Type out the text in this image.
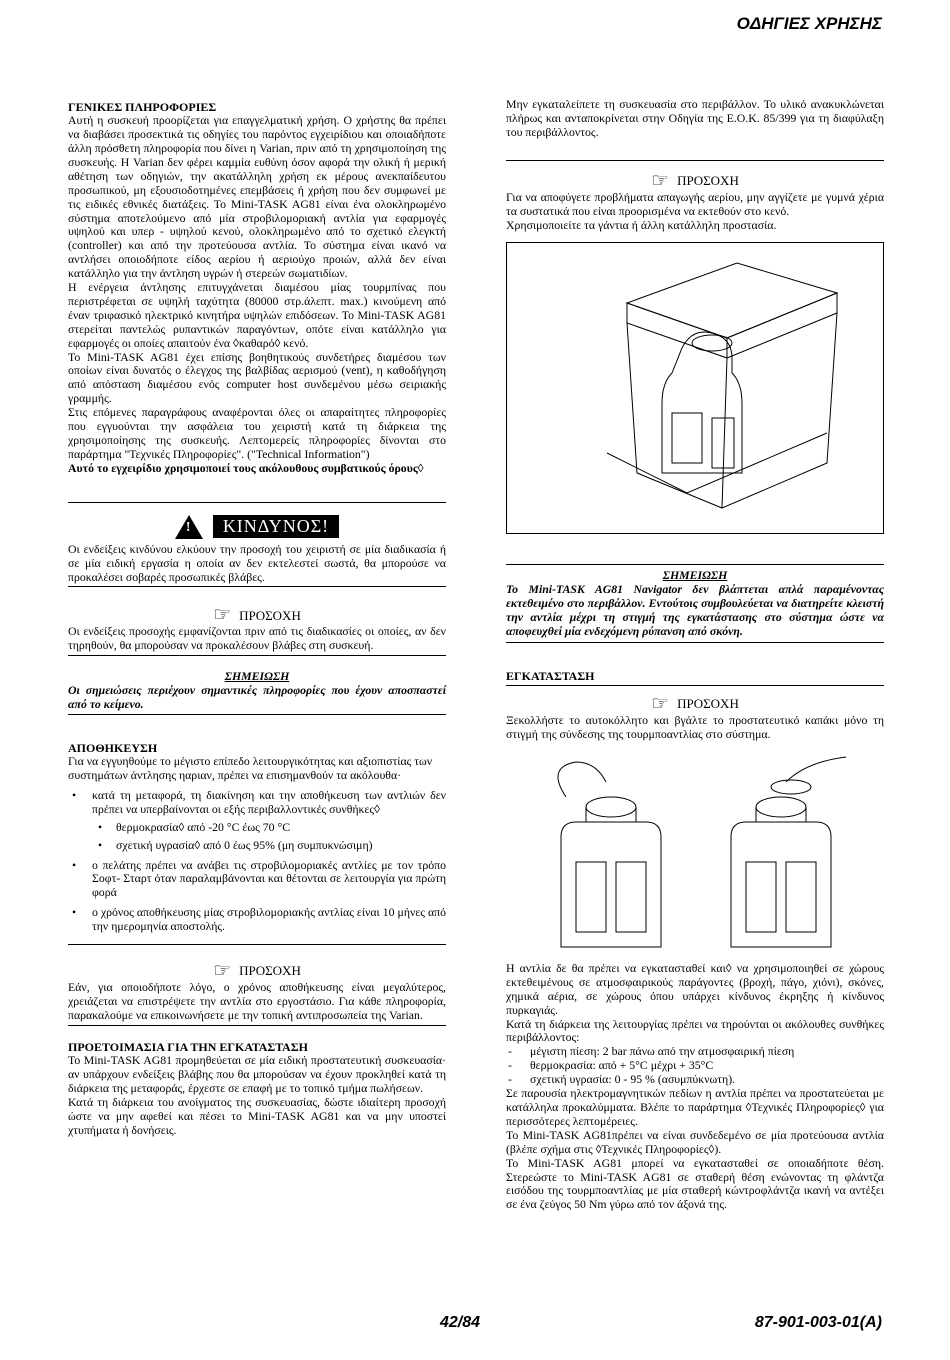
ΟΔΗΓΙΕΣ ΧΡΗΣΗΣ

ΓΕΝΙΚΕΣ ΠΛΗΡΟΦΟΡΙΕΣ

Αυτή η συσκευή προορίζεται για επαγγελματική χρήση. Ο χρήστης θα πρέπει να διαβάσει προσεκτικά τις οδηγίες του παρόντος εγχειρίδιου και οποιαδήποτε άλλη πρόσθετη πληροφορία που δίνει η Varian, πριν από τη χρησιμοποίηση της συσκευής. Η Varian δεν φέρει καμμία ευθύνη όσον αφορά την ολική ή μερική αθέτηση των οδηγιών, την ακατάλληλη χρήση εκ μέρους ανεκπαίδευτου προσωπικού, μη εξουσιοδοτημένες επεμβάσεις ή χρήση που δεν συμφωνεί με τις ειδικές εθνικές διατάξεις. Το Mini-TASK AG81 είναι ένα ολοκληρωμένο σύστημα αποτελούμενο από μία στροβιλομοριακή αντλία για εφαρμογές υψηλού και υπερ - υψηλού κενού, ολοκληρωμένο από το σχετικό ελεγκτή (controller) και από την προτεύουσα αντλία. Το σύστημα είναι ικανό να αντλήσει οποιοδήποτε είδος αερίου ή αεριούχο προιών, αλλά δεν είναι κατάλληλο για την άντληση υγρών ή στερεών σωματιδίων.

Η ενέργεια άντλησης επιτυγχάνεται διαμέσου μίας τουρμπίνας που περιστρέφεται σε υψηλή ταχύτητα (80000 στρ.άλεπτ. max.) κινούμενη από έναν τριφασικό ηλεκτρικό κινητήρα υψηλών επιδόσεων. Το Mini-TASK AG81 στερείται παντελώς ρυπαντικών παραγόντων, οπότε είναι κατάλληλο για εφαρμογές οι οποίες απαιτούν ένα ◊καθαρό◊ κενό.

Το Mini-TASK AG81 έχει επίσης βοηθητικούς συνδετήρες διαμέσου των οποίων είναι δυνατός ο έλεγχος της βαλβίδας αερισμού (vent), η καθοδήγηση από απόσταση διαμέσου ενός computer host συνδεμένου μέσω σειριακής γραμμής.

Στις επόμενες παραγράφους αναφέρονται όλες οι απαραίτητες πληροφορίες που εγγυούνται την ασφάλεια του χειριστή κατά τη διάρκεια της χρησιμοποίησης της συσκευής. Λεπτομερείς πληροφορίες δίνονται στο παράρτημα "Τεχνικές Πληροφορίες". ("Technical Information")

Αυτό το εγχειρίδιο χρησιμοποιεί τους ακόλουθους συμβατικούς όρους◊

!
ΚΙΝΔΥΝΟΣ!

Οι ενδείξεις κινδύνου ελκύουν την προσοχή του χειριστή σε μία διαδικασία ή σε μία ειδική εργασία η οποία αν δεν εκτελεστεί σωστά, θα μπορούσε να προκαλέσει σοβαρές προσωπικές βλάβες.

☞ ΠΡΟΣΟΧΗ

Οι ενδείξεις προσοχής εμφανίζονται πριν από τις διαδικασίες οι οποίες, αν δεν τηρηθούν, θα μπορούσαν να προκαλέσουν βλάβες στη συσκευή.

ΣΗΜΕΙΩΣΗ

Οι σημειώσεις περιέχουν σημαντικές πληροφορίες που έχουν αποσπαστεί από το κείμενο.

ΑΠΟΘΗΚΕΥΣΗ

Για να εγγυηθούμε το μέγιστο επίπεδο λειτουργικότητας και αξιοπιστίας των συστημάτων άντλησης ηαριαν, πρέπει να επισημανθούν τα ακόλουθα·

• κατά τη μεταφορά, τη διακίνηση και την αποθήκευση των αντλιών δεν πρέπει να υπερβαίνονται οι εξής περιβαλλοντικές συνθήκες◊
• θερμοκρασία◊ από -20 °C έως 70 °C
• σχετική υγρασία◊ από 0 έως 95% (μη συμπυκνώσιμη)
• ο πελάτης πρέπει να ανάβει τις στροβιλομοριακές αντλίες με τον τρόπο Σοφτ- Σταρτ όταν παραλαμβάνονται και θέτονται σε λειτουργία για πρώτη φορά
• ο χρόνος αποθήκευσης μίας στροβιλομοριακής αντλίας είναι 10 μήνες από την ημερομηνία αποστολής.
☞ ΠΡΟΣΟΧΗ

Εάν, για οποιοδήποτε λόγο, ο χρόνος αποθήκευσης είναι μεγαλύτερος, χρειάζεται να επιστρέψετε την αντλία στο εργοστάσιο. Για κάθε πληροφορία, παρακαλούμε να επικοινωνήσετε με την τοπική αντιπροσωπεία της Varian.

ΠΡΟΕΤΟΙΜΑΣΙΑ ΓΙΑ ΤΗΝ ΕΓΚΑΤΑΣΤΑΣΗ

Το Mini-TASK AG81 προμηθεύεται σε μία ειδική προστατευτική συσκευασία· αν υπάρχουν ενδείξεις βλάβης που θα μπορούσαν να έχουν προκληθεί κατά τη διάρκεια της μεταφοράς, έρχεστε σε επαφή με το τοπικό τμήμα πωλήσεων.

Κατά τη διάρκεια του ανοίγματος της συσκευασίας, δώστε ιδιαίτερη προσοχή ώστε να μην αφεθεί και πέσει το Mini-TASK AG81 και να μην υποστεί χτυπήματα ή δονήσεις.

Μην εγκαταλείπετε τη συσκευασία στο περιβάλλον. Το υλικό ανακυκλώνεται πλήρως και ανταποκρίνεται στην Οδηγία της Ε.Ο.Κ. 85/399 για τη διαφύλαξη του περιβάλλοντος.

☞ ΠΡΟΣΟΧΗ

Για να αποφύγετε προβλήματα απαγωγής αερίου, μην αγγίζετε με γυμνά χέρια τα συστατικά που είναι προορισμένα να εκτεθούν στο κενό.

Χρησιμοποιείτε τα γάντια ή άλλη κατάλληλη προστασία.

ΣΗΜΕΙΩΣΗ

Το Mini-TASK AG81 Navigator δεν βλάπτεται απλά παραμένοντας εκτεθειμένο στο περιβάλλον. Εντούτοις συμβουλεύεται να διατηρείτε κλειστή την αντλία μέχρι τη στιγμή της εγκατάστασης στο σύστημα ώστε να αποφευχθεί μία ενδεχόμενη ρύπανση από σκόνη.

ΕΓΚΑΤΑΣΤΑΣΗ

☞ ΠΡΟΣΟΧΗ

Ξεκολλήστε το αυτοκόλλητο και βγάλτε το προστατευτικό καπάκι μόνο τη στιγμή της σύνδεσης της τουρμποαντλίας στο σύστημα.

Η αντλία δε θα πρέπει να εγκατασταθεί και◊ να χρησιμοποιηθεί σε χώρους εκτεθειμένους σε ατμοσφαιρικούς παράγοντες (βροχή, πάγο, χιόνι), σκόνες, χημικά αέρια, σε χώρους όπου υπάρχει κίνδυνος έκρηξης ή κίνδυνος πυρκαγιάς.

Κατά τη διάρκεια της λειτουργίας πρέπει να τηρούνται οι ακόλουθες συνθήκες περιβάλλοντος:

- μέγιστη πίεση: 2 bar πάνω από την ατμοσφαιρική πίεση
- θερμοκρασία: από + 5°C μέχρι + 35°C
- σχετική υγρασία: 0 - 95 % (ασυμπύκνωτη).

Σε παρουσία ηλεκτρομαγνητικών πεδίων η αντλία πρέπει να προστατεύεται με κατάλληλα προκαλύμματα. Βλέπε το παράρτημα ◊Τεχνικές Πληροφορίες◊ για περισσότερες λεπτομέρειες.

Το Mini-TASK AG81πρέπει να είναι συνδεδεμένο σε μία προτεύουσα αντλία (βλέπε σχήμα στις ◊Τεχνικές Πληροφορίες◊).

Το Mini-TASK AG81 μπορεί να εγκατασταθεί σε οποιαδήποτε θέση. Στερεώστε το Mini-TASK AG81 σε σταθερή θέση ενώνοντας τη φλάντζα εισόδου της τουρμποαντλίας με μία σταθερή κώντροφλάντζα ικανή να αντέξει σε ένα ζεύγος 50 Nm γύρω από τον άξονά της.

42/84	87-901-003-01(A)
